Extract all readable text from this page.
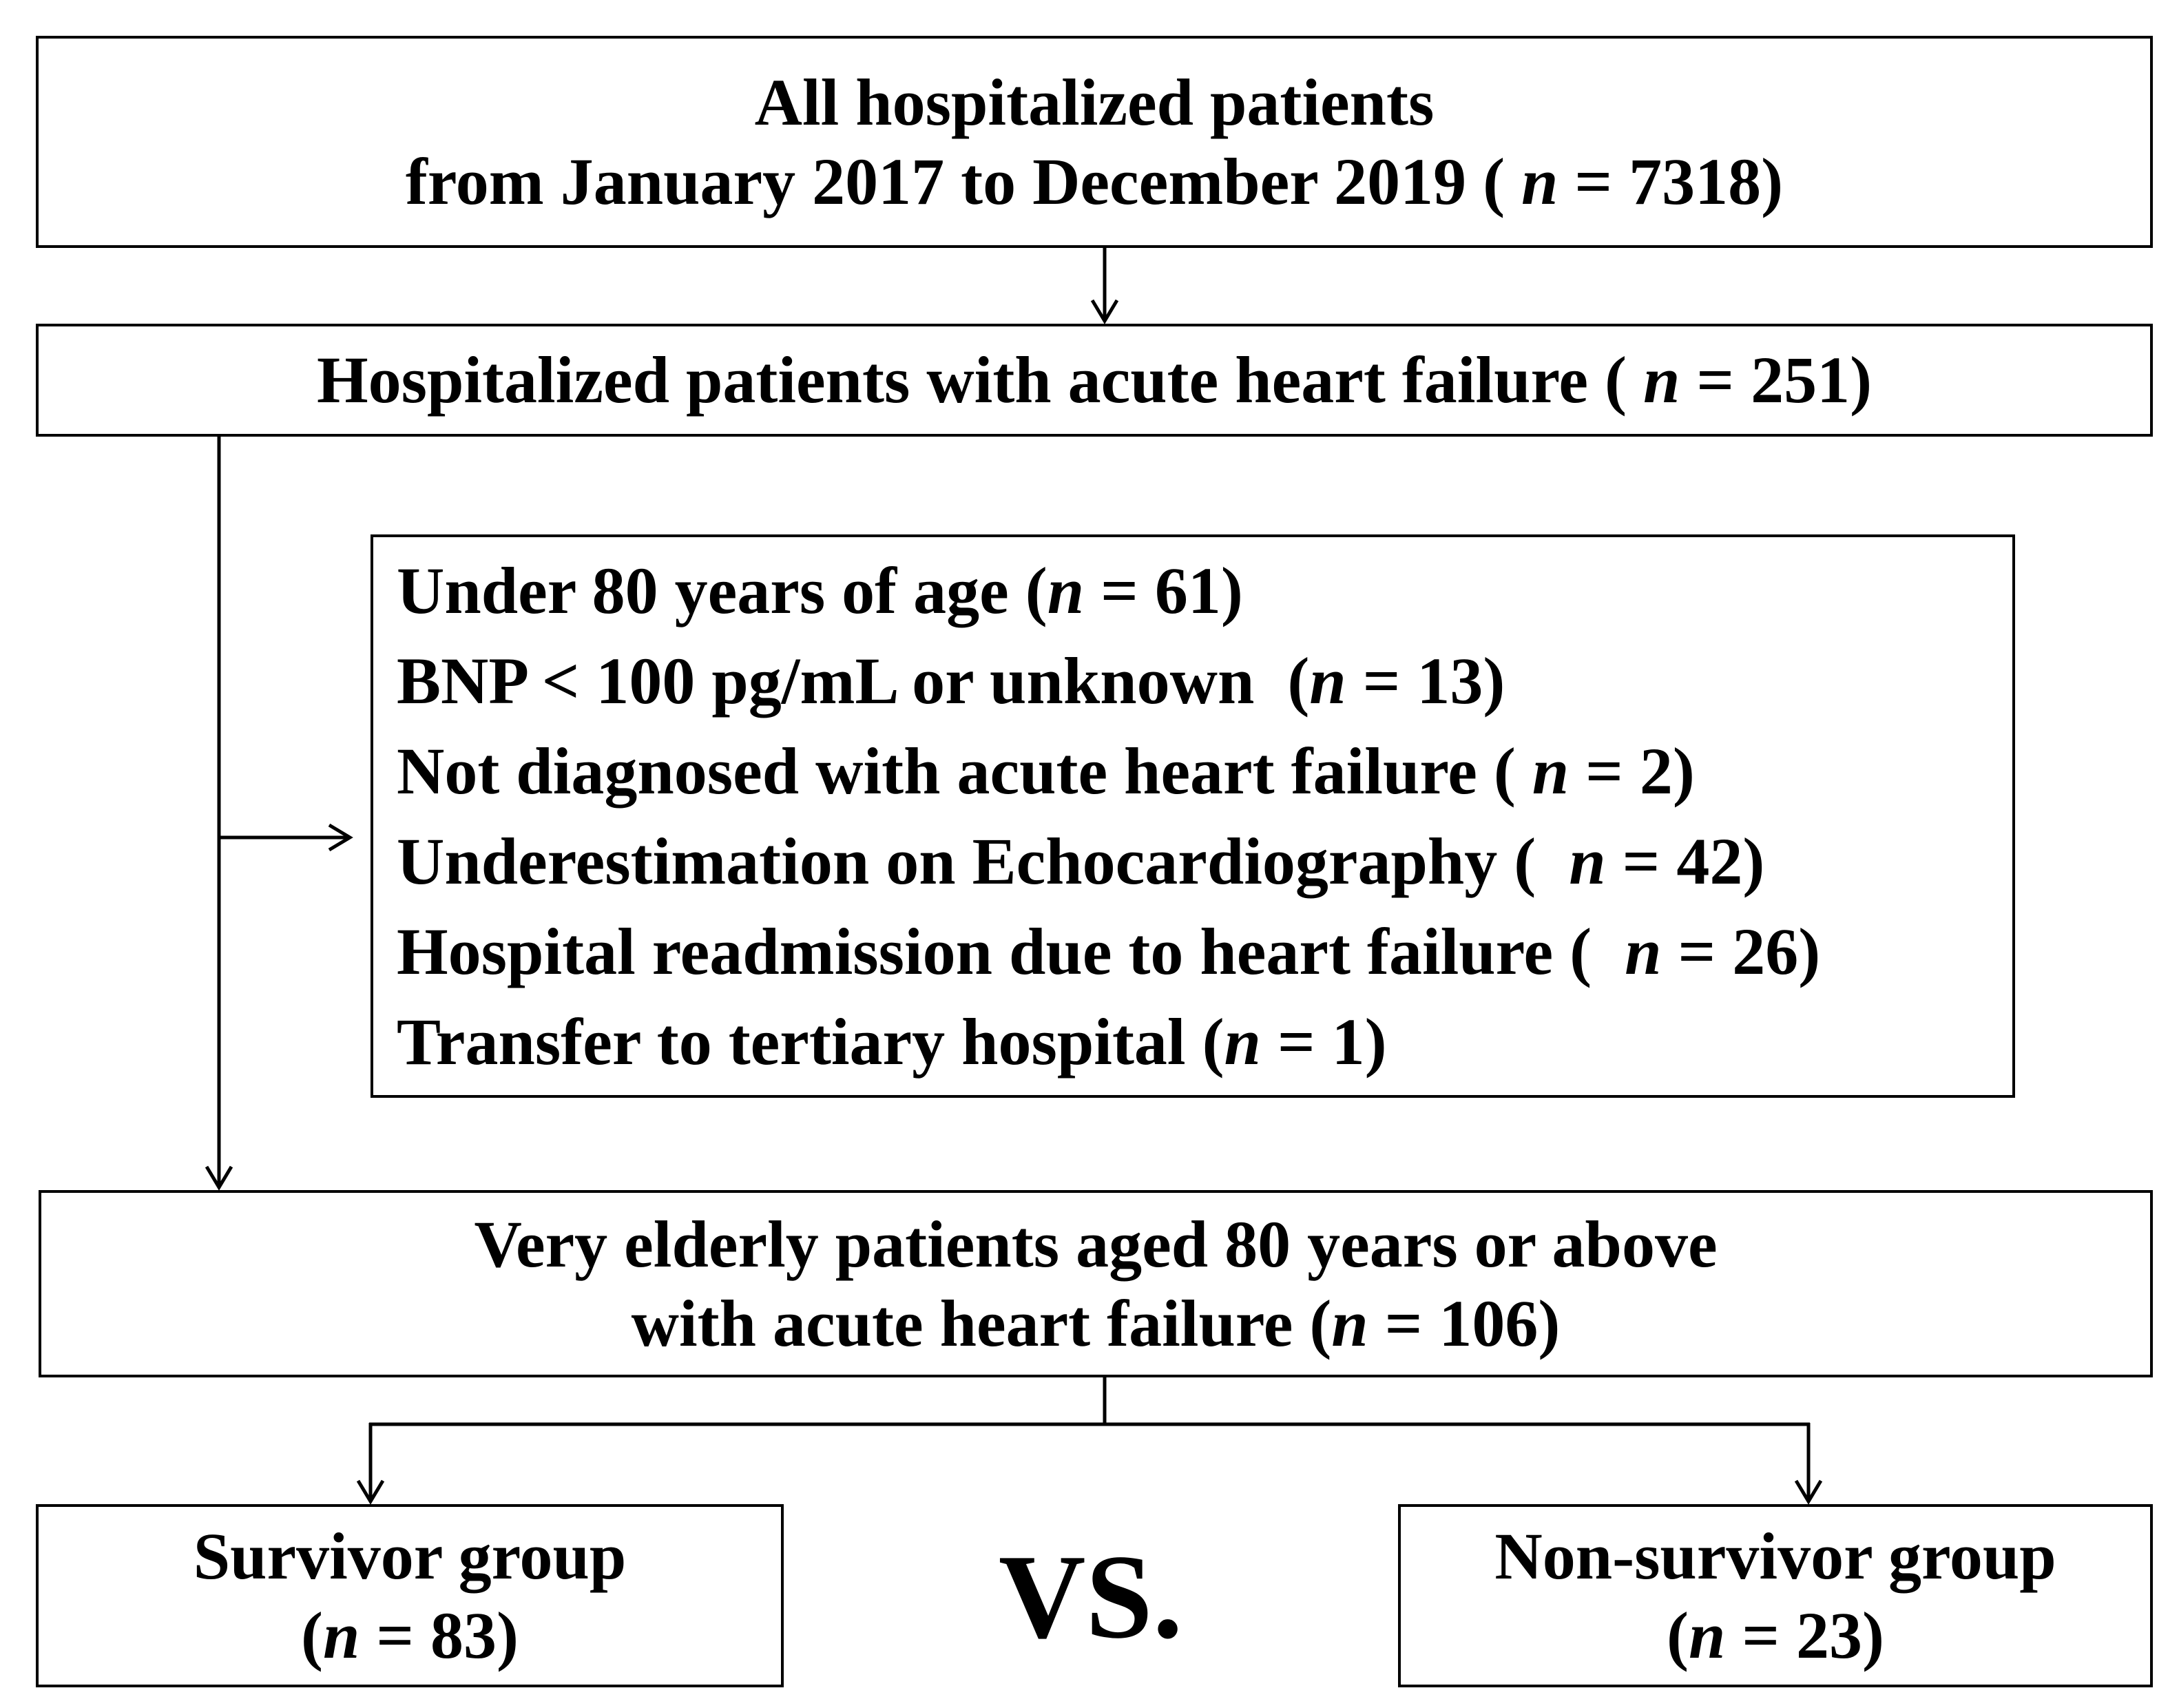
All hospitalized patients
from January 2017 to December 2019 ( n = 7318)
Hospitalized patients with acute heart failure ( n = 251)
Under 80 years of age (n = 61)
BNP < 100 pg/mL or unknown  (n = 13)
Not diagnosed with acute heart failure ( n = 2)
Underestimation on Echocardiography (  n = 42)
Hospital readmission due to heart failure (  n = 26)
Transfer to tertiary hospital (n = 1)
Very elderly patients aged 80 years or above
with acute heart failure (n = 106)
Survivor group
(n = 83)	VS.	Non-survivor group
(n = 23)
